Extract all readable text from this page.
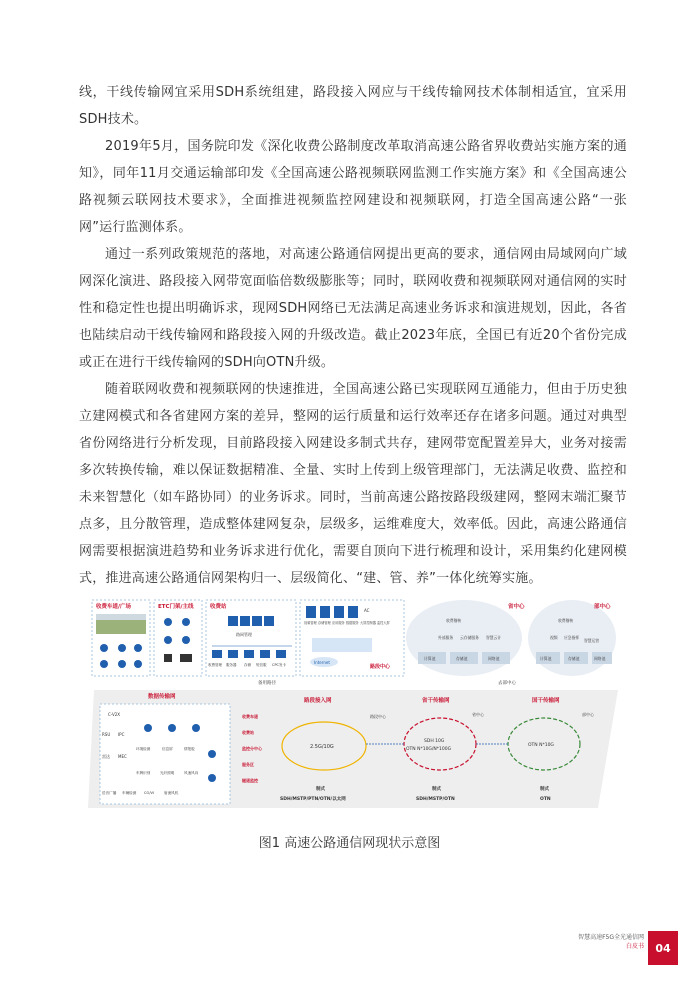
线，干线传输网宜采用SDH系统组建，路段接入网应与干线传输网技术体制相适宜，宜采用SDH技术。

2019年5月，国务院印发《深化收费公路制度改革取消高速公路省界收费站实施方案的通知》，同年11月交通运输部印发《全国高速公路视频联网监测工作实施方案》和《全国高速公路视频云联网技术要求》，全面推进视频监控网建设和视频联网，打造全国高速公路“一张网”运行监测体系。

通过一系列政策规范的落地，对高速公路通信网提出更高的要求，通信网由局域网向广域网深化演进、路段接入网带宽面临倍数级膨胀等；同时，联网收费和视频联网对通信网的实时性和稳定性也提出明确诉求，现网SDH网络已无法满足高速业务诉求和演进规划，因此，各省也陆续启动干线传输网和路段接入网的升级改造。截止2023年底，全国已有近20个省份完成或正在进行干线传输网的SDH向OTN升级。

随着联网收费和视频联网的快速推进，全国高速公路已实现联网互通能力，但由于历史独立建网模式和各省建网方案的差异，整网的运行质量和运行效率还存在诸多问题。通过对典型省份网络进行分析发现，目前路段接入网建设多制式共存，建网带宽配置差异大，业务对接需多次转换传输，难以保证数据精准、全量、实时上传到上级管理部门，无法满足收费、监控和未来智慧化（如车路协同）的业务诉求。同时，当前高速公路按路段级建网，整网末端汇聚节点多，且分散管理，造成整体建网复杂，层级多，运维难度大，效率低。因此，高速公路通信网需要根据演进趋势和业务诉求进行优化，需要自顶向下进行梳理和设计，采用集约化建网模式，推进高速公路通信网架构归一、层级简化、“建、管、养”一体化统筹实施。

收费车道/广场	ETC门架/主线	收费站
路网管理
收费管理 服务器 存储 短信服 CPC发卡
AC
视频管理 存储管理 应用服务 数据服务 大屏控制器 监控大屏
Internet
路段中心
省中心
收费稽核
外部服务 云存储服务 智慧云计
计算池	存储池	网络池
部中心
收费稽核
视频 应急指挥
智慧运营
计算池	存储池	网络池
备用路径	去部中心
数据传输网
C-V2X
RSU IPC
雷达 MEC
环境检测	信息屏	情报板
车牌识别	光纤照明	风速风向
语音广播 车辆检测 CO/VI	射流风机
收费车道
收费站
监控分中心
服务区
隧道监控
2.5G/10G
路段接入网
路段中心
SDH 10G
OTN N*10G/N*100G
省干传输网
省中心
OTN N*10G
国干传输网
部中心
制式
SDH/MSTP/PTN/OTN/以太网
制式
SDH/MSTP/OTN
制式
OTN
图1 高速公路通信网现状示意图
智慧高速F5G全光通信网
白皮书	04
